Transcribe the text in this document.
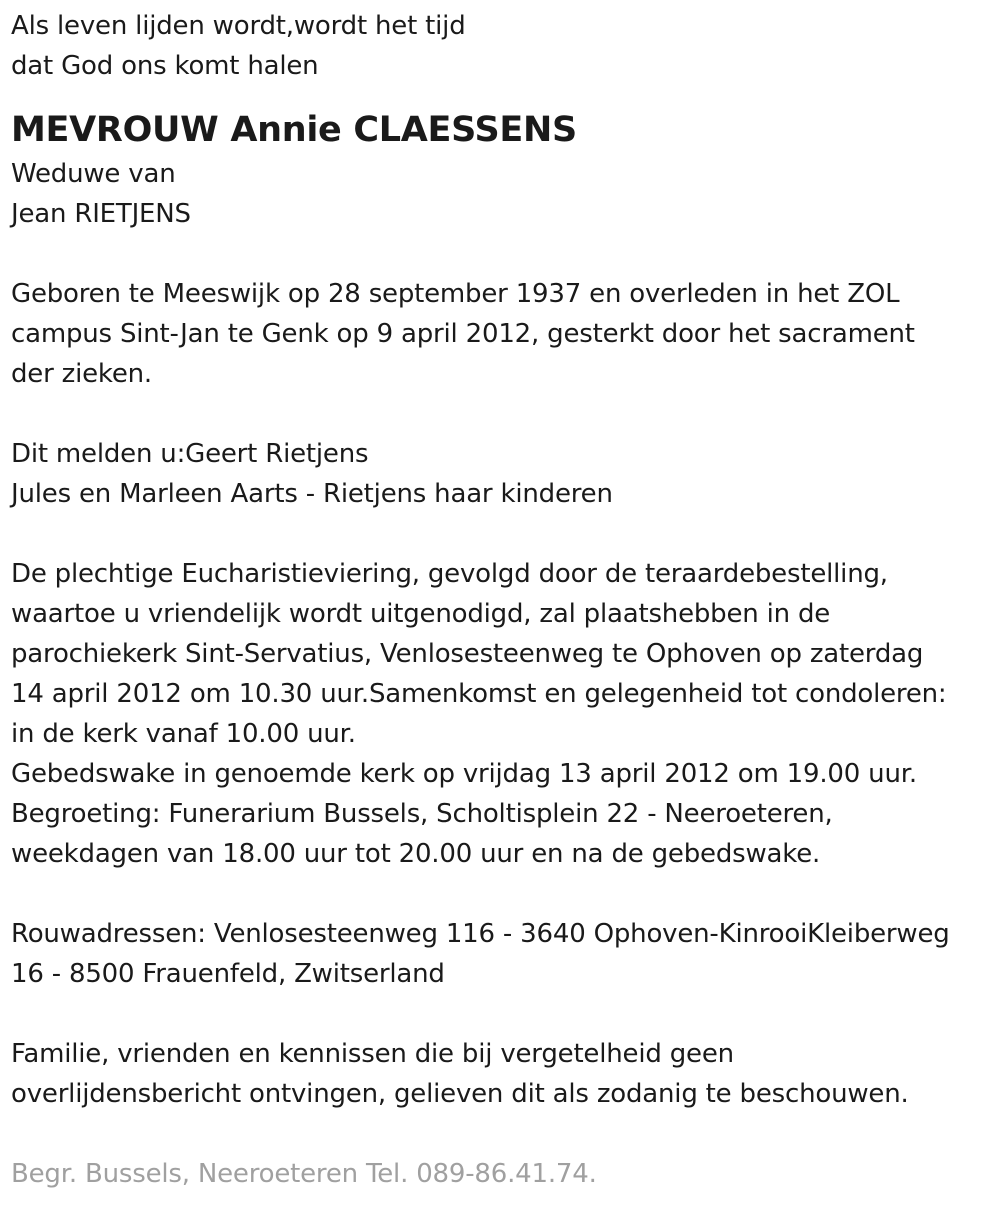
Als leven lijden wordt,wordt het tijd
dat God ons komt halen
MEVROUW Annie CLAESSENS
Weduwe van
Jean RIETJENS
Geboren te Meeswijk op 28 september 1937 en overleden in het ZOL
campus Sint-Jan te Genk op 9 april 2012, gesterkt door het sacrament
der zieken.
Dit melden u:Geert Rietjens
Jules en Marleen Aarts - Rietjens haar kinderen
De plechtige Eucharistieviering, gevolgd door de teraardebestelling,
waartoe u vriendelijk wordt uitgenodigd, zal plaatshebben in de
parochiekerk Sint-Servatius, Venlosesteenweg te Ophoven op zaterdag
14 april 2012 om 10.30 uur.Samenkomst en gelegenheid tot condoleren:
in de kerk vanaf 10.00 uur.
Gebedswake in genoemde kerk op vrijdag 13 april 2012 om 19.00 uur.
Begroeting: Funerarium Bussels, Scholtisplein 22 - Neeroeteren,
weekdagen van 18.00 uur tot 20.00 uur en na de gebedswake.
Rouwadressen: Venlosesteenweg 116 - 3640 Ophoven-KinrooiKleiberweg
16 - 8500 Frauenfeld, Zwitserland
Familie, vrienden en kennissen die bij vergetelheid geen
overlijdensbericht ontvingen, gelieven dit als zodanig te beschouwen.
Begr. Bussels, Neeroeteren Tel. 089-86.41.74.
